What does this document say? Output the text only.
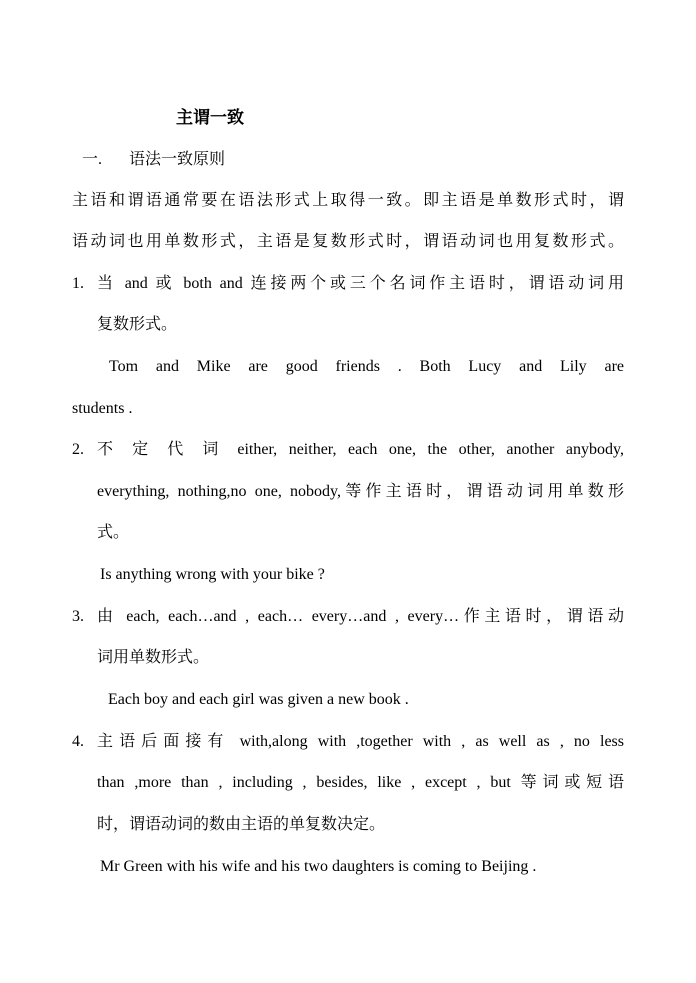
主谓一致
一. 语法一致原则
主语和谓语通常要在语法形式上取得一致。即主语是单数形式时，谓
语动词也用单数形式，主语是复数形式时，谓语动词也用复数形式。
1. 当 and 或 both and 连接两个或三个名词作主语时，谓语动词用
复数形式。
Tom and Mike are good friends . Both Lucy and Lily are
students .
2. 不 定 代 词 either, neither, each one, the other, another anybody,
everything, nothing,no one, nobody,等作主语时，谓语动词用单数形
式。
Is anything wrong with your bike ?
3. 由 each, each…and , each… every…and , every…作主语时，谓语动
词用单数形式。
Each boy and each girl was given a new book .
4. 主语后面接有 with,along with ,together with , as well as , no less
than ,more than , including , besides, like , except , but 等词或短语
时，谓语动词的数由主语的单复数决定。
Mr Green with his wife and his two daughters is coming to Beijing .
